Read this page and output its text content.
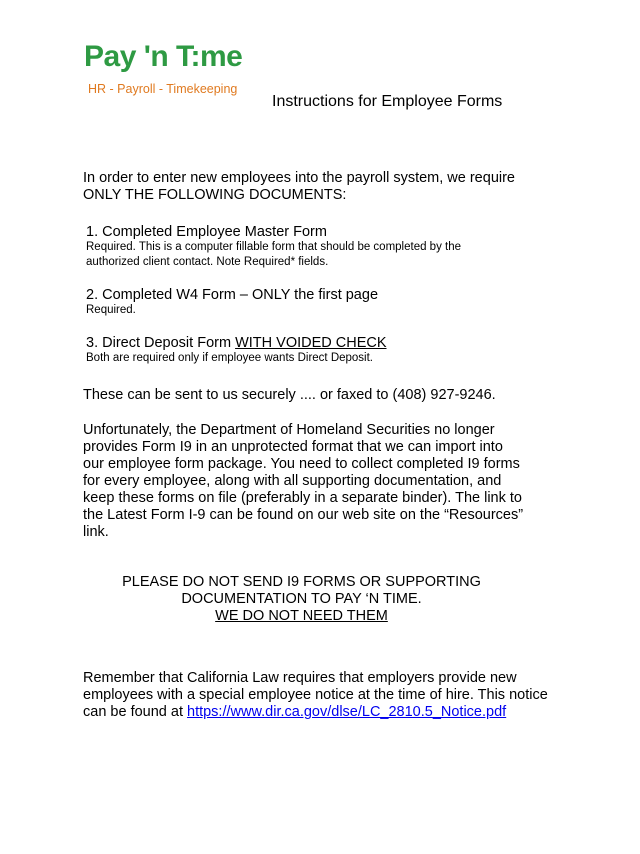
Pay 'n T:me
HR - Payroll - Timekeeping
Instructions for Employee Forms
In order to enter new employees into the payroll system, we require
ONLY THE FOLLOWING DOCUMENTS:
1. Completed Employee Master Form
Required. This is a computer fillable form that should be completed by the
authorized client contact. Note Required* fields.
2. Completed W4 Form – ONLY the first page
Required.
3. Direct Deposit Form WITH VOIDED CHECK
Both are required only if employee wants Direct Deposit.
These can be sent to us securely .... or faxed to (408) 927-9246.
Unfortunately, the Department of Homeland Securities no longer
provides Form I9 in an unprotected format that we can import into
our employee form package. You need to collect completed I9 forms
for every employee, along with all supporting documentation, and
keep these forms on file (preferably in a separate binder). The link to
the Latest Form I-9 can be found on our web site on the “Resources”
link.
PLEASE DO NOT SEND I9 FORMS OR SUPPORTING
DOCUMENTATION TO PAY ‘N TIME.
WE DO NOT NEED THEM
Remember that California Law requires that employers provide new
employees with a special employee notice at the time of hire. This notice
can be found at https://www.dir.ca.gov/dlse/LC_2810.5_Notice.pdf
